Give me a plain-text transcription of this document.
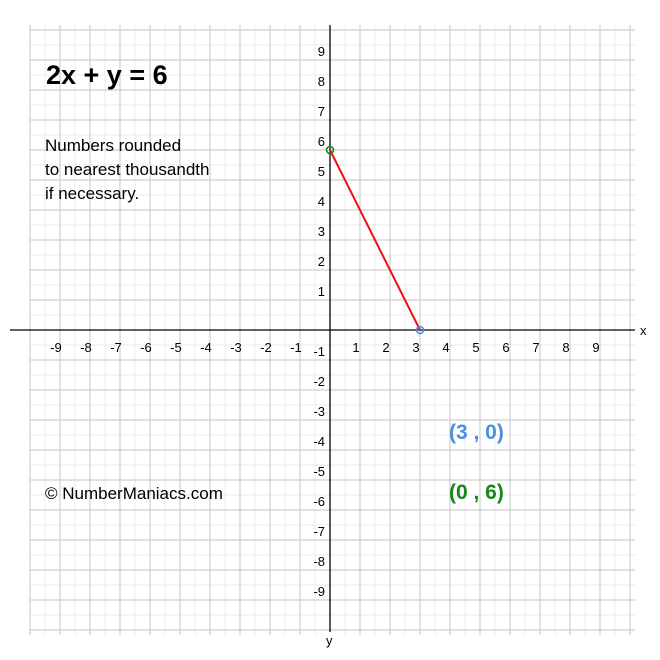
x
y
-9 -8 -7 -6 -5 -4 -3 -2 -1	1 2 3 4 5 6 7 8 9
9
8
7
6
5
4
3
2
1
-1
-2
-3
-4
-5
-6
-7
-8
-9
2x + y = 6
Numbers rounded
to nearest thousandth
if necessary.
© NumberManiacs.com
(3 , 0)
(0 , 6)
